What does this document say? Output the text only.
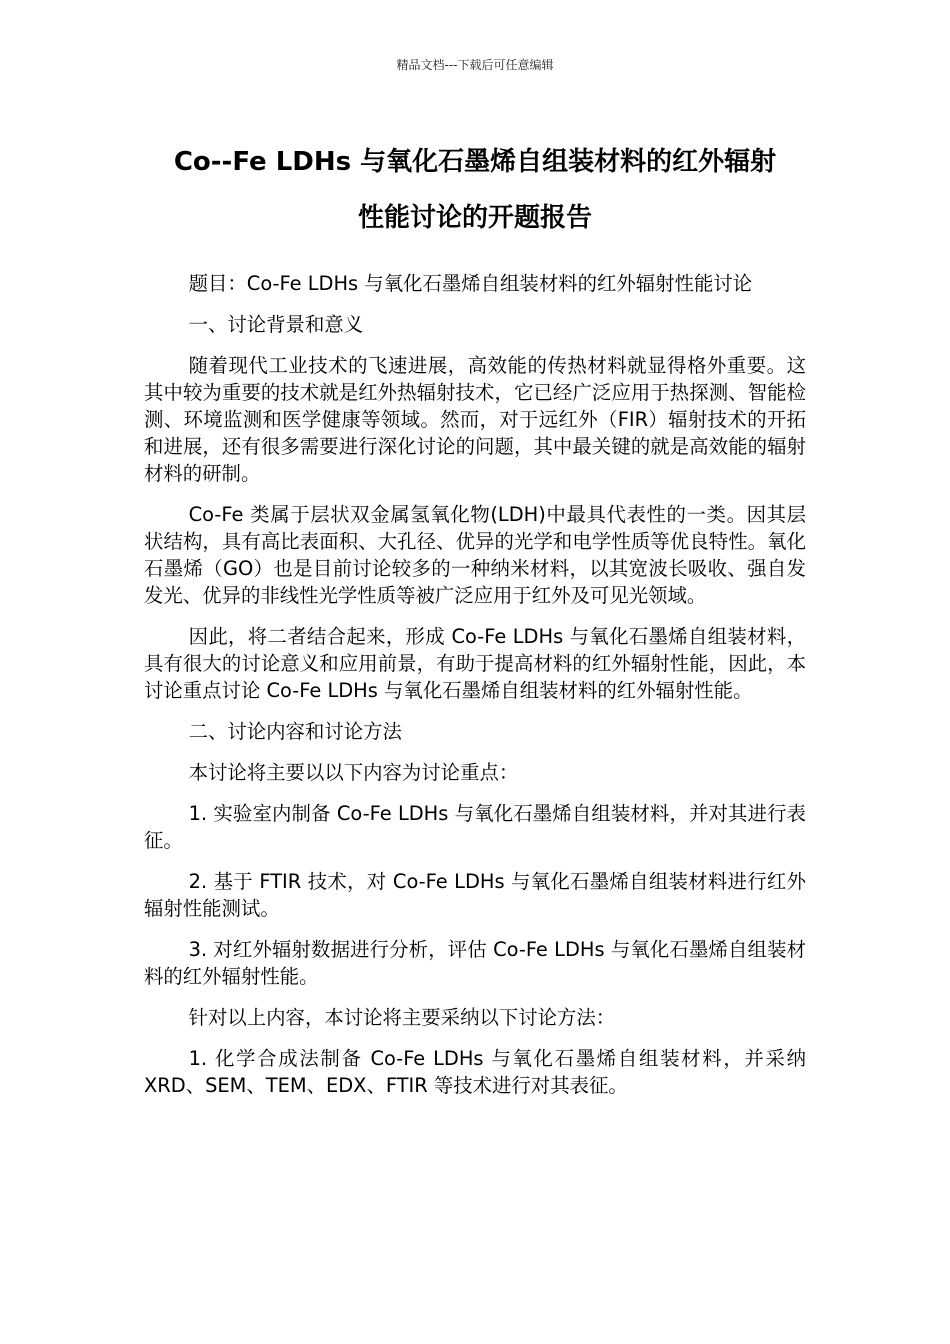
精品文档---下载后可任意编辑
Co--Fe LDHs 与氧化石墨烯自组装材料的红外辐射
性能讨论的开题报告

题目：Co-Fe LDHs 与氧化石墨烯自组装材料的红外辐射性能讨论

一、讨论背景和意义

随着现代工业技术的飞速进展，高效能的传热材料就显得格外重要。这其中较为重要的技术就是红外热辐射技术，它已经广泛应用于热探测、智能检测、环境监测和医学健康等领域。然而，对于远红外（FIR）辐射技术的开拓和进展，还有很多需要进行深化讨论的问题，其中最关键的就是高效能的辐射材料的研制。

Co-Fe 类属于层状双金属氢氧化物(LDH)中最具代表性的一类。因其层状结构，具有高比表面积、大孔径、优异的光学和电学性质等优良特性。氧化石墨烯（GO）也是目前讨论较多的一种纳米材料，以其宽波长吸收、强自发发光、优异的非线性光学性质等被广泛应用于红外及可见光领域。

因此，将二者结合起来，形成 Co-Fe LDHs 与氧化石墨烯自组装材料，具有很大的讨论意义和应用前景，有助于提高材料的红外辐射性能，因此，本讨论重点讨论 Co-Fe LDHs 与氧化石墨烯自组装材料的红外辐射性能。

二、讨论内容和讨论方法

本讨论将主要以以下内容为讨论重点：

1. 实验室内制备 Co-Fe LDHs 与氧化石墨烯自组装材料，并对其进行表征。

2. 基于 FTIR 技术，对 Co-Fe LDHs 与氧化石墨烯自组装材料进行红外辐射性能测试。

3. 对红外辐射数据进行分析，评估 Co-Fe LDHs 与氧化石墨烯自组装材料的红外辐射性能。

针对以上内容，本讨论将主要采纳以下讨论方法：

1. 化学合成法制备 Co-Fe LDHs 与氧化石墨烯自组装材料，并采纳 XRD、SEM、TEM、EDX、FTIR 等技术进行对其表征。
